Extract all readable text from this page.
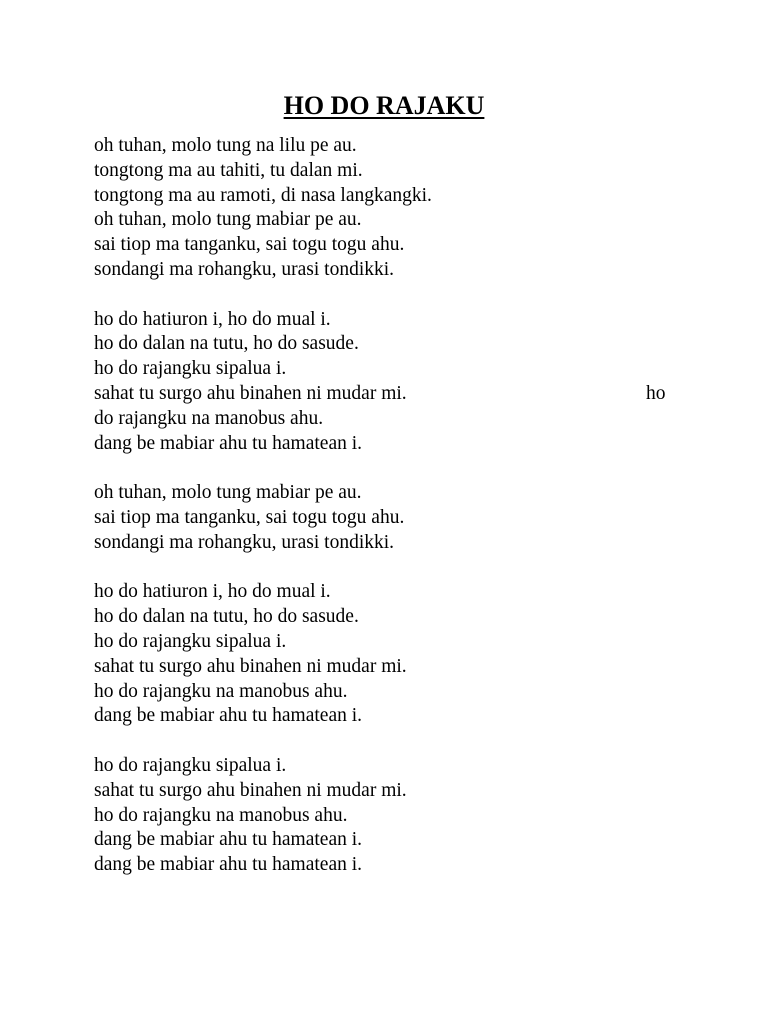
HO DO RAJAKU
oh tuhan, molo tung na lilu pe au.
tongtong ma au tahiti, tu dalan mi.
tongtong ma au ramoti, di nasa langkangki.
oh tuhan, molo tung mabiar pe au.
sai tiop ma tanganku, sai togu togu ahu.
sondangi ma rohangku, urasi tondikki.
ho do hatiuron i, ho do mual i.
ho do dalan na tutu, ho do sasude.
ho do rajangku sipalua i.
sahat tu surgo ahu binahen ni mudar mi.	ho
do rajangku na manobus ahu.
dang be mabiar ahu tu hamatean i.
oh tuhan, molo tung mabiar pe au.
sai tiop ma tanganku, sai togu togu ahu.
sondangi ma rohangku, urasi tondikki.
ho do hatiuron i, ho do mual i.
ho do dalan na tutu, ho do sasude.
ho do rajangku sipalua i.
sahat tu surgo ahu binahen ni mudar mi.
ho do rajangku na manobus ahu.
dang be mabiar ahu tu hamatean i.
ho do rajangku sipalua i.
sahat tu surgo ahu binahen ni mudar mi.
ho do rajangku na manobus ahu.
dang be mabiar ahu tu hamatean i.
dang be mabiar ahu tu hamatean i.
